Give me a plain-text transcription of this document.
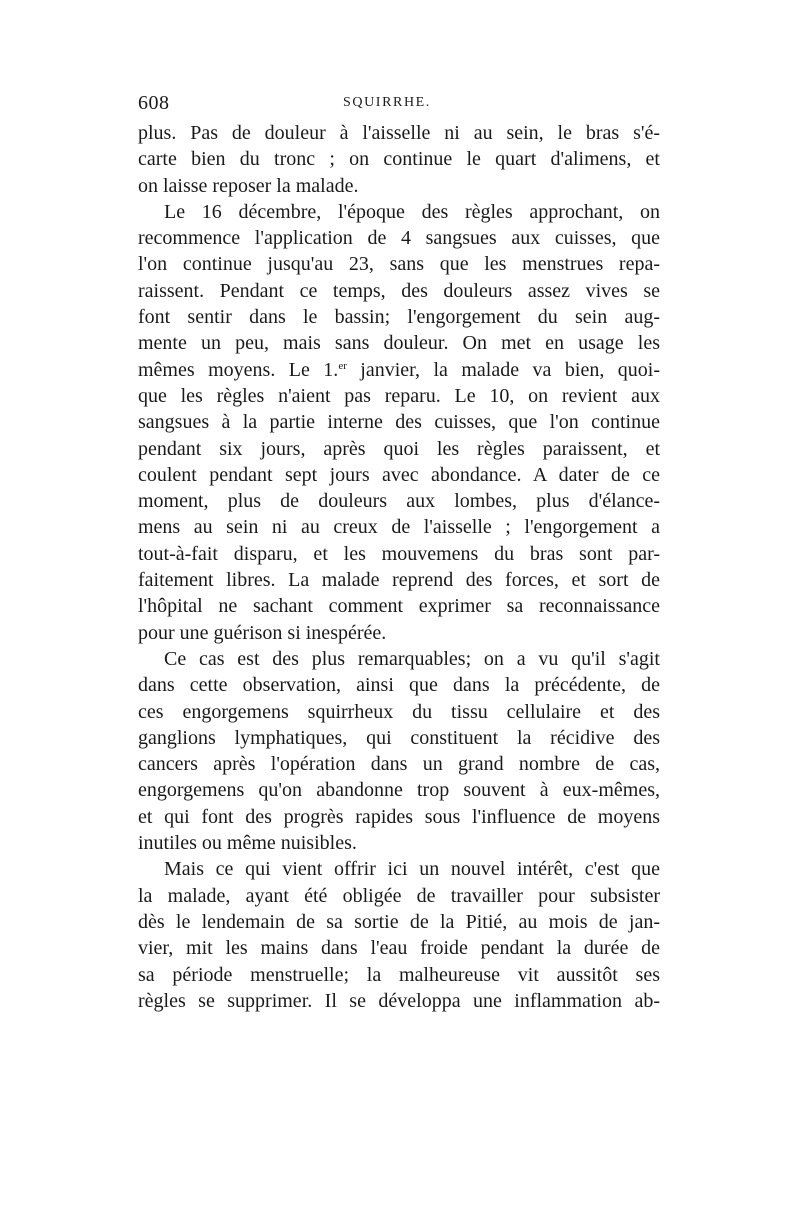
608	SQUIRRHE.
plus. Pas de douleur à l'aisselle ni au sein, le bras s'é-
carte bien du tronc ; on continue le quart d'alimens, et
on laisse reposer la malade.
Le 16 décembre, l'époque des règles approchant, on
recommence l'application de 4 sangsues aux cuisses, que
l'on continue jusqu'au 23, sans que les menstrues repa-
raissent. Pendant ce temps, des douleurs assez vives se
font sentir dans le bassin; l'engorgement du sein aug-
mente un peu, mais sans douleur. On met en usage les
mêmes moyens. Le 1.$^{er}$ janvier, la malade va bien, quoi-
que les règles n'aient pas reparu. Le 10, on revient aux
sangsues à la partie interne des cuisses, que l'on continue
pendant six jours, après quoi les règles paraissent, et
coulent pendant sept jours avec abondance. A dater de ce
moment, plus de douleurs aux lombes, plus d'élance-
mens au sein ni au creux de l'aisselle ; l'engorgement a
tout-à-fait disparu, et les mouvemens du bras sont par-
faitement libres. La malade reprend des forces, et sort de
l'hôpital ne sachant comment exprimer sa reconnaissance
pour une guérison si inespérée.
Ce cas est des plus remarquables; on a vu qu'il s'agit
dans cette observation, ainsi que dans la précédente, de
ces engorgemens squirrheux du tissu cellulaire et des
ganglions lymphatiques, qui constituent la récidive des
cancers après l'opération dans un grand nombre de cas,
engorgemens qu'on abandonne trop souvent à eux-mêmes,
et qui font des progrès rapides sous l'influence de moyens
inutiles ou même nuisibles.
Mais ce qui vient offrir ici un nouvel intérêt, c'est que
la malade, ayant été obligée de travailler pour subsister
dès le lendemain de sa sortie de la Pitié, au mois de jan-
vier, mit les mains dans l'eau froide pendant la durée de
sa période menstruelle; la malheureuse vit aussitôt ses
règles se supprimer. Il se développa une inflammation ab-
